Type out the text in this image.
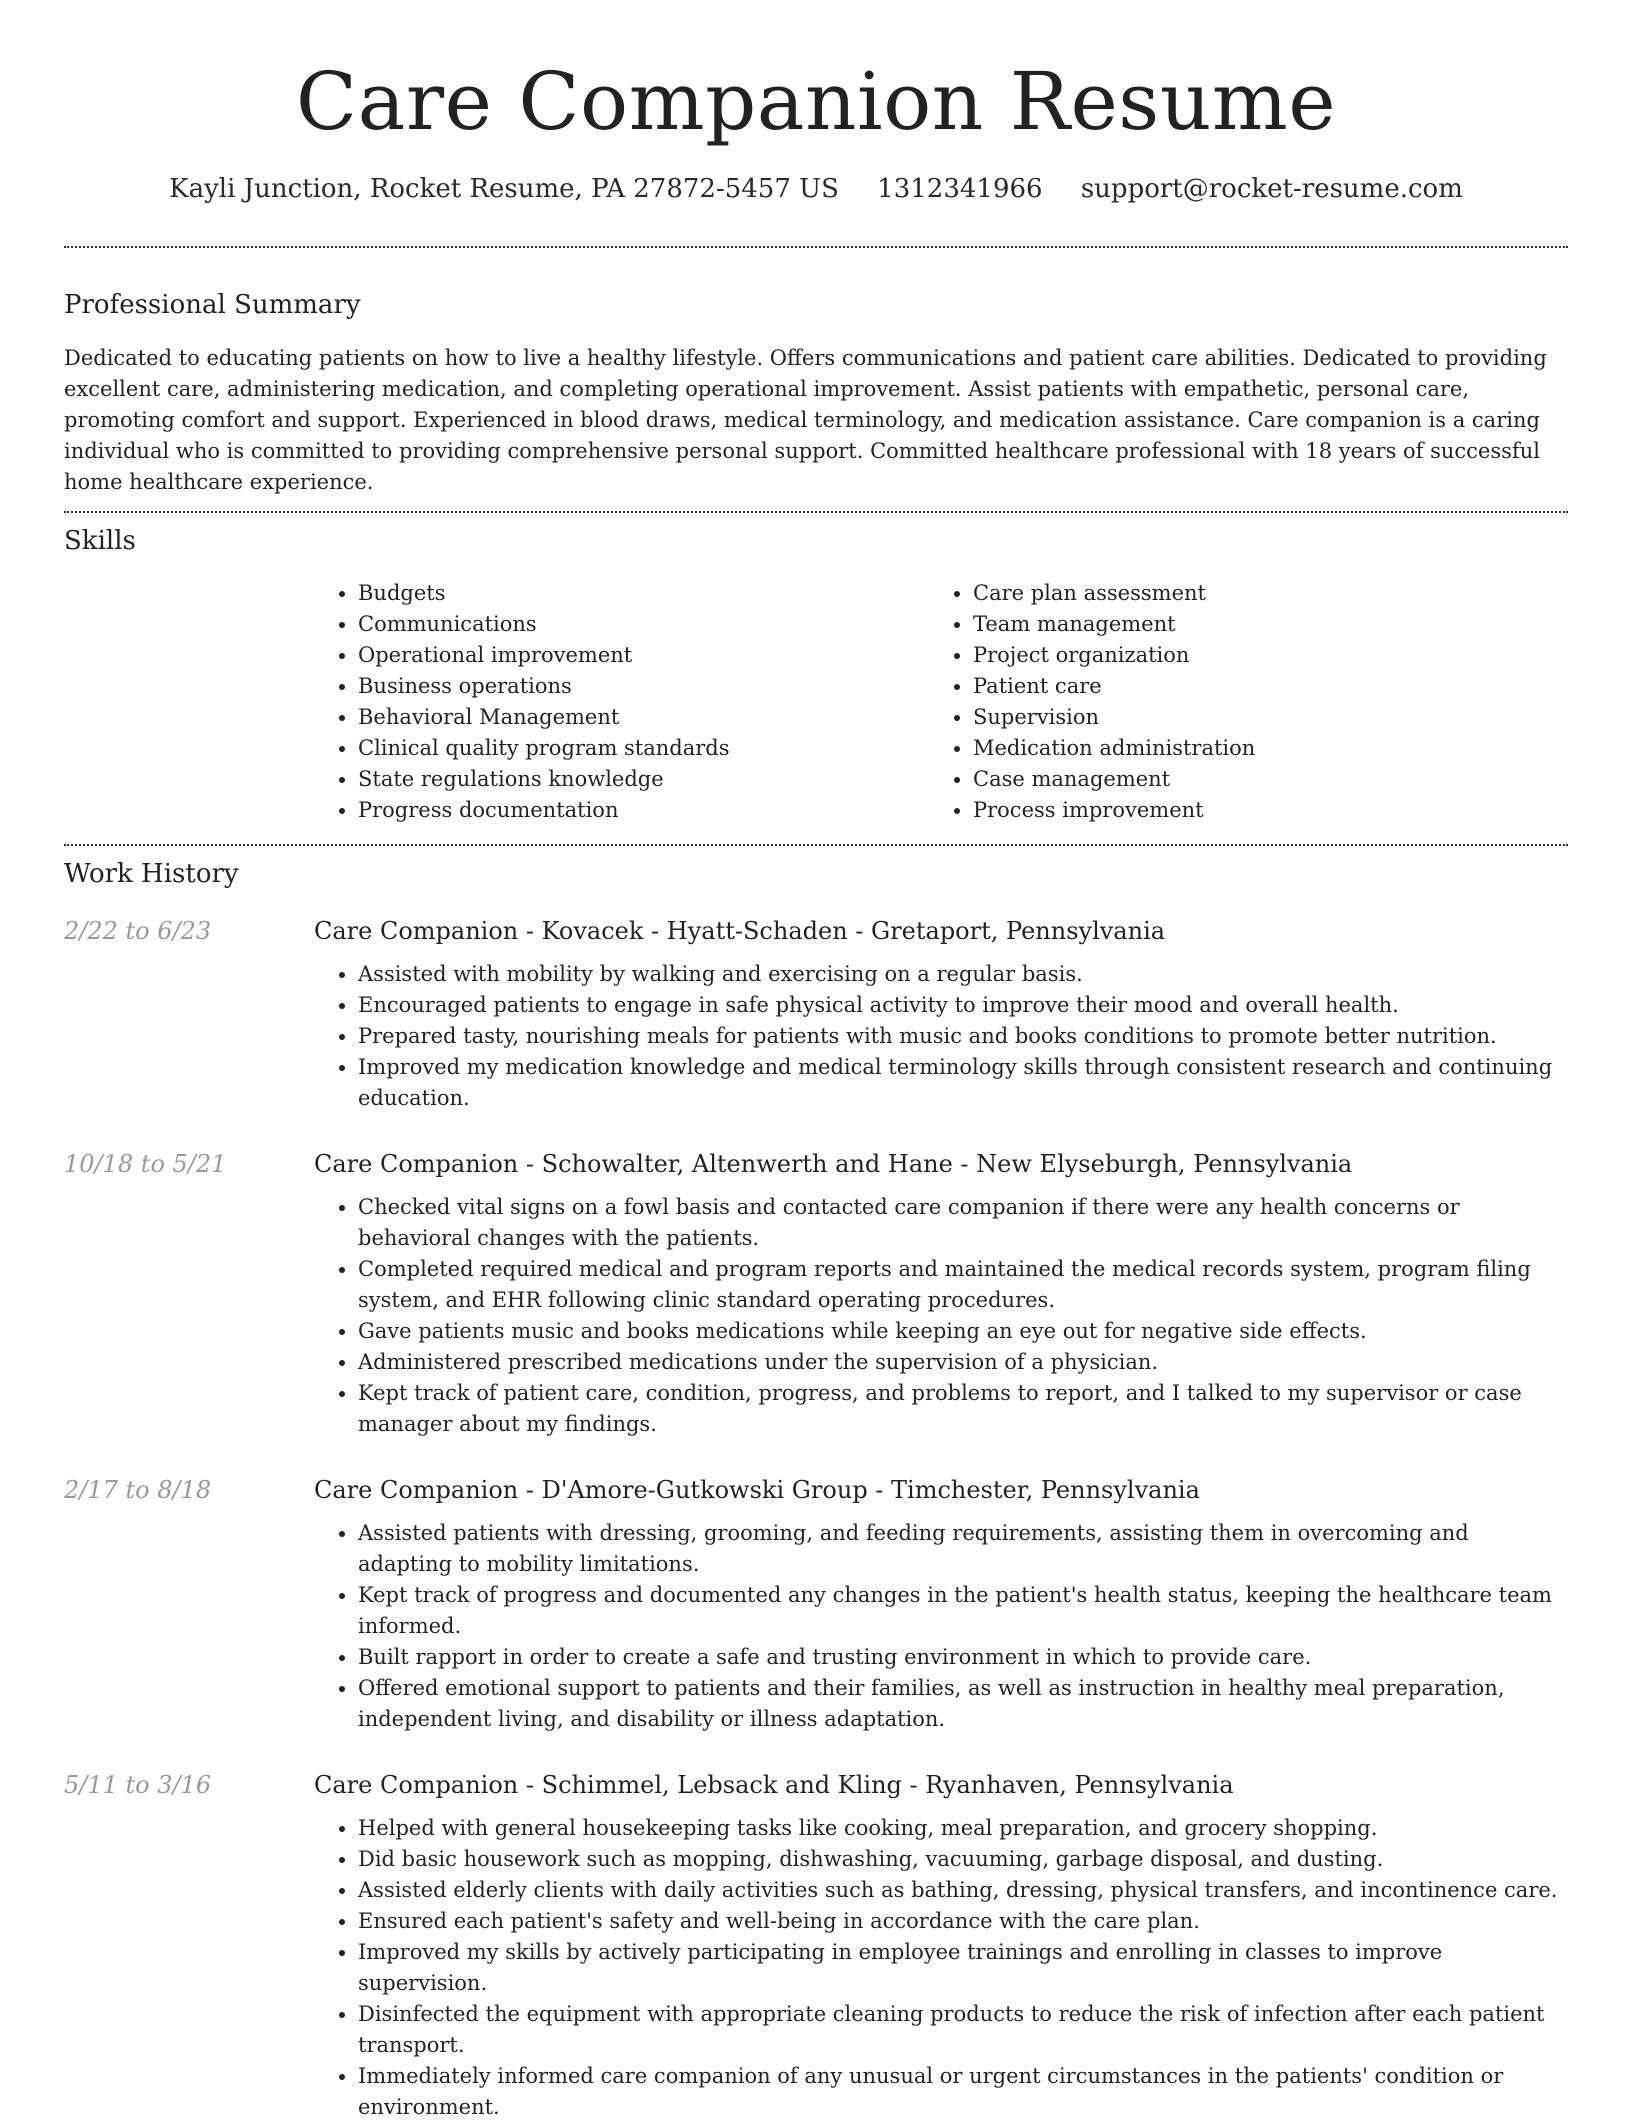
Care Companion Resume
Kayli Junction, Rocket Resume, PA 27872-5457 US 1312341966 support@rocket-resume.com
Professional Summary

Dedicated to educating patients on how to live a healthy lifestyle. Offers communications and patient care abilities. Dedicated to providing excellent care, administering medication, and completing operational improvement. Assist patients with empathetic, personal care, promoting comfort and support. Experienced in blood draws, medical terminology, and medication assistance. Care companion is a caring individual who is committed to providing comprehensive personal support. Committed healthcare professional with 18 years of successful home healthcare experience.

Skills
• Budgets
• Communications
• Operational improvement
• Business operations
• Behavioral Management
• Clinical quality program standards
• State regulations knowledge
• Progress documentation
• Care plan assessment
• Team management
• Project organization
• Patient care
• Supervision
• Medication administration
• Case management
• Process improvement
Work History
2/22 to 6/23	Care Companion - Kovacek - Hyatt-Schaden - Gretaport, Pennsylvania
• Assisted with mobility by walking and exercising on a regular basis.
• Encouraged patients to engage in safe physical activity to improve their mood and overall health.
• Prepared tasty, nourishing meals for patients with music and books conditions to promote better nutrition.
• Improved my medication knowledge and medical terminology skills through consistent research and continuing education.
10/18 to 5/21	Care Companion - Schowalter, Altenwerth and Hane - New Elyseburgh, Pennsylvania
• Checked vital signs on a fowl basis and contacted care companion if there were any health concerns or behavioral changes with the patients.
• Completed required medical and program reports and maintained the medical records system, program filing system, and EHR following clinic standard operating procedures.
• Gave patients music and books medications while keeping an eye out for negative side effects.
• Administered prescribed medications under the supervision of a physician.
• Kept track of patient care, condition, progress, and problems to report, and I talked to my supervisor or case manager about my findings.
2/17 to 8/18	Care Companion - D'Amore-Gutkowski Group - Timchester, Pennsylvania
• Assisted patients with dressing, grooming, and feeding requirements, assisting them in overcoming and adapting to mobility limitations.
• Kept track of progress and documented any changes in the patient's health status, keeping the healthcare team informed.
• Built rapport in order to create a safe and trusting environment in which to provide care.
• Offered emotional support to patients and their families, as well as instruction in healthy meal preparation, independent living, and disability or illness adaptation.
5/11 to 3/16	Care Companion - Schimmel, Lebsack and Kling - Ryanhaven, Pennsylvania
• Helped with general housekeeping tasks like cooking, meal preparation, and grocery shopping.
• Did basic housework such as mopping, dishwashing, vacuuming, garbage disposal, and dusting.
• Assisted elderly clients with daily activities such as bathing, dressing, physical transfers, and incontinence care.
• Ensured each patient's safety and well-being in accordance with the care plan.
• Improved my skills by actively participating in employee trainings and enrolling in classes to improve supervision.
• Disinfected the equipment with appropriate cleaning products to reduce the risk of infection after each patient transport.
• Immediately informed care companion of any unusual or urgent circumstances in the patients' condition or environment.
